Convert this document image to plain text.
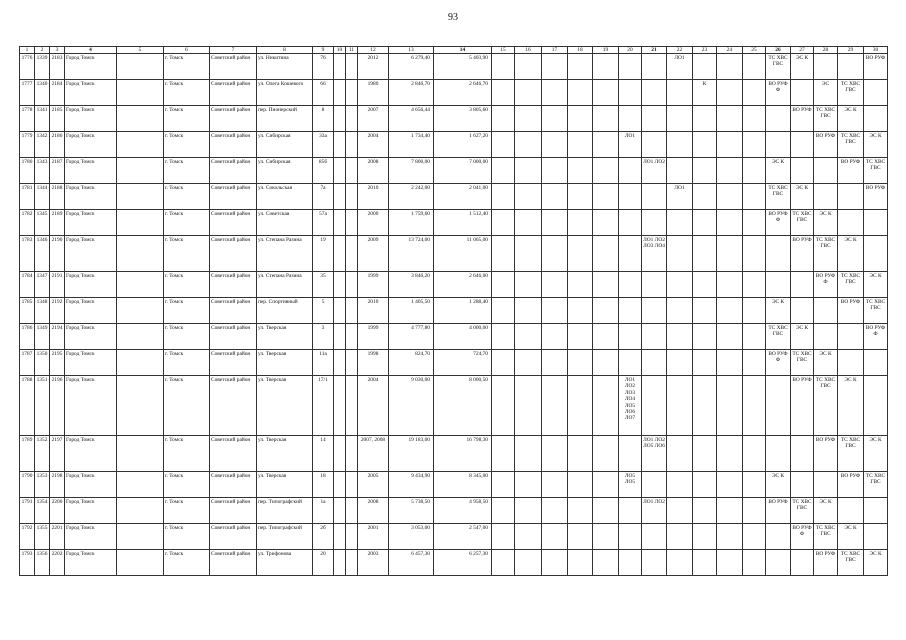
93
1	2	3	4	5	6	7	8	9	10	11	12	13	14	15	16	17	18	19	20	21	22	23	24	25	26	27	28	29	30
1776	1339	2183	Город Томск		г. Томск	Советский район	ул. Никитина	76			2012	6 279,40	5 403,90								ЛО1				ТС ХВС ГВС	ЭС К			ВО РУФ
1777	1340	2184	Город Томск		г. Томск	Советский район	ул. Олега Кошевого	66			1980	2 846,70	2 646,70									К			ВО РУФ Ф		ЭС	ТС ХВС ГВС	
1778	1341	2185	Город Томск		г. Томск	Советский район	пер. Пионерский	8			2007	4 656,44	3 805,60													ВО РУФ	ТС ХВС ГВС	ЭС К	
1779	1342	2186	Город Томск		г. Томск	Советский район	ул. Сибирская	33а			2004	1 734,40	1 627,20						ЛО1								ВО РУФ	ТС ХВС ГВС	ЭС К
1780	1343	2187	Город Томск		г. Томск	Советский район	ул. Сибирская	85б			2008	7 800,00	7 000,00							ЛО1 ЛО2					ЭС К			ВО РУФ	ТС ХВС ГВС
1781	1344	2188	Город Томск		г. Томск	Советский район	ул. Сокольская	7а			2010	2 242,00	2 041,00								ЛО1				ТС ХВС ГВС	ЭС К			ВО РУФ
1782	1345	2189	Город Томск		г. Томск	Советский район	ул. Советская	57а			2000	1 759,60	1 512,40												ВО РУФ Ф	ТС ХВС ГВС	ЭС К		
1783	1346	2190	Город Томск		г. Томск	Советский район	ул. Степана Разина	19			2009	13 724,00	11 065,00							ЛО1 ЛО2 ЛО3 ЛО4						ВО РУФ	ТС ХВС ГВС	ЭС К	
1784	1347	2191	Город Томск		г. Томск	Советский район	ул. Степана Разина	35			1999	3 846,20	2 646,00														ВО РУФ Ф	ТС ХВС ГВС	ЭС К
1785	1348	2192	Город Томск		г. Томск	Советский район	пер. Спортивный	5			2010	1 405,50	1 288,40												ЭС К			ВО РУФ	ТС ХВС ГВС
1786	1349	2194	Город Томск		г. Томск	Советский район	ул. Тверская	3			1999	4 777,80	4 000,00												ТС ХВС ГВС	ЭС К			ВО РУФ Ф
1787	1350	2195	Город Томск		г. Томск	Советский район	ул. Тверская	11а			1998	824,70	724,70												ВО РУФ Ф	ТС ХВС ГВС	ЭС К		
1788	1351	2196	Город Томск		г. Томск	Советский район	ул. Тверская	17/1			2004	9 030,00	8 000,50						ЛО1 ЛО2 ЛО3 ЛО4 ЛО5 ЛО6 ЛО7							ВО РУФ	ТС ХВС ГВС	ЭС К	
1789	1352	2197	Город Томск		г. Томск	Советский район	ул. Тверская	14			2007, 2008	19 183,00	16 798,30							ЛО1 ЛО2 ЛО5 ЛО6							ВО РУФ	ТС ХВС ГВС	ЭС К
1790	1353	2198	Город Томск		г. Томск	Советский район	ул. Тверская	18			2005	9 434,90	8 345,00						ЛО5 ЛО5						ЭС К			ВО РУФ	ТС ХВС ГВС
1791	1354	2200	Город Томск		г. Томск	Советский район	пер. Типографский	1а			2008	5 738,50	4 958,50							ЛО1 ЛО2					ВО РУФ	ТС ХВС ГВС	ЭС К		
1792	1355	2201	Город Томск		г. Томск	Советский район	пер. Типографский	2б			2001	3 053,00	2 547,00													ВО РУФ Ф	ТС ХВС ГВС	ЭС К	
1793	1356	2202	Город Томск		г. Томск	Советский район	ул. Трифонова	20			2003	6 457,30	6 257,30														ВО РУФ	ТС ХВС ГВС	ЭС К
